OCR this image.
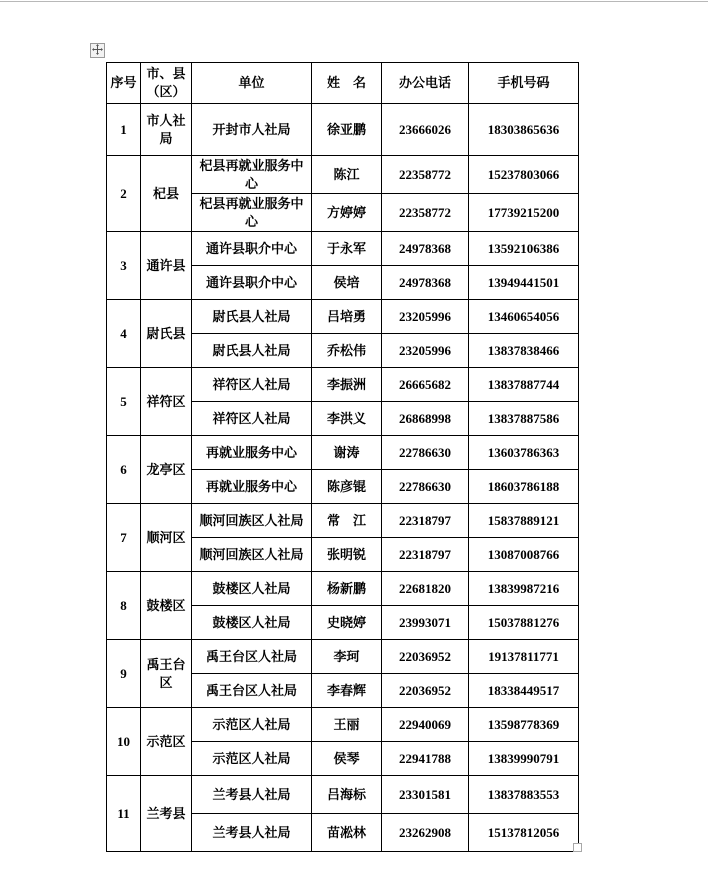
序号	市、县（区）	单位	姓　名	办公电话	手机号码
1	市人社局	开封市人社局	徐亚鹏	23666026	18303865636
2	杞县	杞县再就业服务中心	陈江	22358772	15237803066
		杞县再就业服务中心	方婷婷	22358772	17739215200
3	通许县	通许县职介中心	于永军	24978368	13592106386
		通许县职介中心	侯培	24978368	13949441501
4	尉氏县	尉氏县人社局	吕培勇	23205996	13460654056
		尉氏县人社局	乔松伟	23205996	13837838466
5	祥符区	祥符区人社局	李振洲	26665682	13837887744
		祥符区人社局	李洪义	26868998	13837887586
6	龙亭区	再就业服务中心	谢涛	22786630	13603786363
		再就业服务中心	陈彦锟	22786630	18603786188
7	顺河区	顺河回族区人社局	常　江	22318797	15837889121
		顺河回族区人社局	张明锐	22318797	13087008766
8	鼓楼区	鼓楼区人社局	杨新鹏	22681820	13839987216
		鼓楼区人社局	史晓婷	23993071	15037881276
9	禹王台区	禹王台区人社局	李珂	22036952	19137811771
		禹王台区人社局	李春辉	22036952	18338449517
10	示范区	示范区人社局	王丽	22940069	13598778369
		示范区人社局	侯琴	22941788	13839990791
11	兰考县	兰考县人社局	吕海标	23301581	13837883553
		兰考县人社局	苗凇林	23262908	15137812056
